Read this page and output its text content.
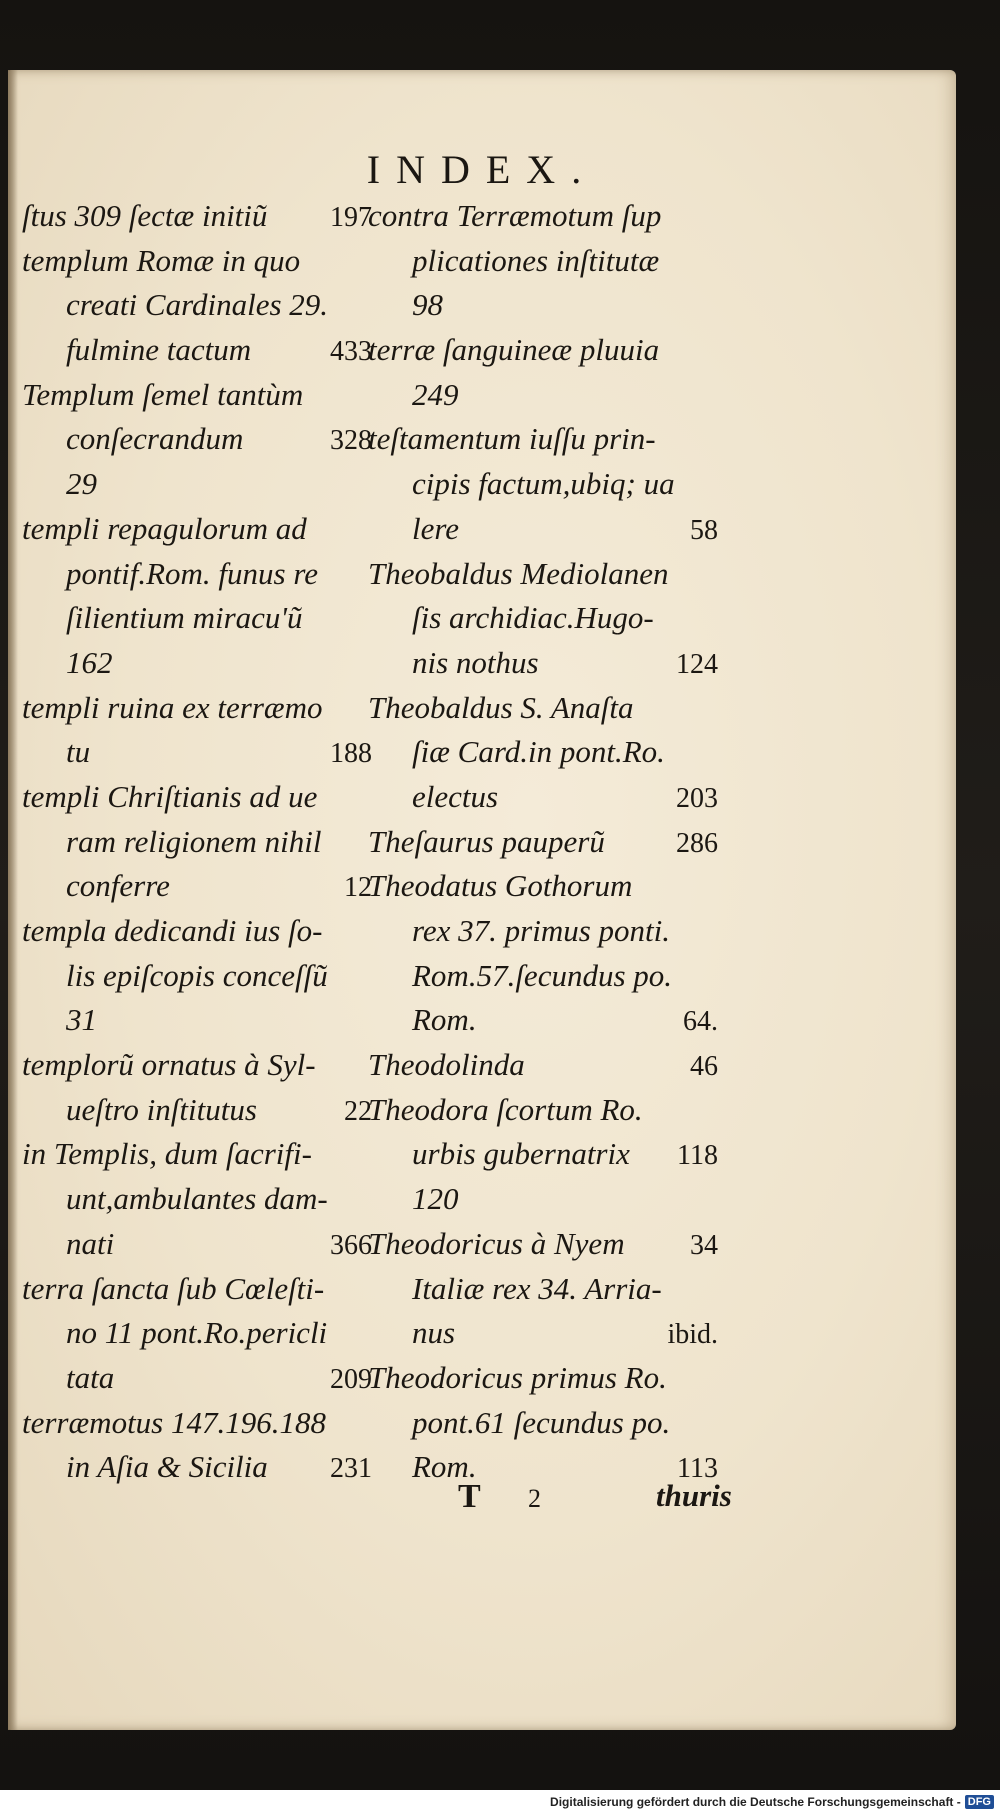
INDEX.
ſtus 309 ſectæ initiũ 197
templum Romæ in quo
creati Cardinales 29.
fulmine tactum	433
Templum ſemel tantùm
conſecrandum	328
29
templi repagulorum ad
pontif.Rom. funus re
ſilientium miracu'ũ
162
templi ruina ex terræmo
tu	188
templi Chriſtianis ad ue
ram religionem nihil
conferre	12
templa dedicandi ius ſo-
lis epiſcopis conceſſũ
31
templorũ ornatus à Syl-
ueſtro inſtitutus	22
in Templis, dum ſacrifi-
unt,ambulantes dam-
nati	366
terra ſancta ſub Cœleſti-
no 11 pont.Ro.pericli
tata	209
terræmotus 147.196.188
in Aſia & Sicilia 231
contra Terræmotum ſup
plicationes inſtitutæ
98
terræ ſanguineæ pluuia
249
teſtamentum iuſſu prin-
cipis factum,ubiq; ua
lere	58
Theobaldus Mediolanen
ſis archidiac.Hugo-
nis nothus	124
Theobaldus S. Anaſta
ſiæ Card.in pont.Ro.
electus	203
Theſaurus pauperũ	286
Theodatus Gothorum
rex 37. primus ponti.
Rom.57.ſecundus po.
Rom.	64.
Theodolinda	46
Theodora ſcortum Ro.
urbis gubernatrix 118
120
Theodoricus à Nyem 34
Italiæ rex 34. Arria-
nus	ibid.
Theodoricus primus Ro.
pont.61 ſecundus po.
Rom.	113
T 2	thuris
Digitalisierung gefördert durch die Deutsche Forschungsgemeinschaft - DFG
